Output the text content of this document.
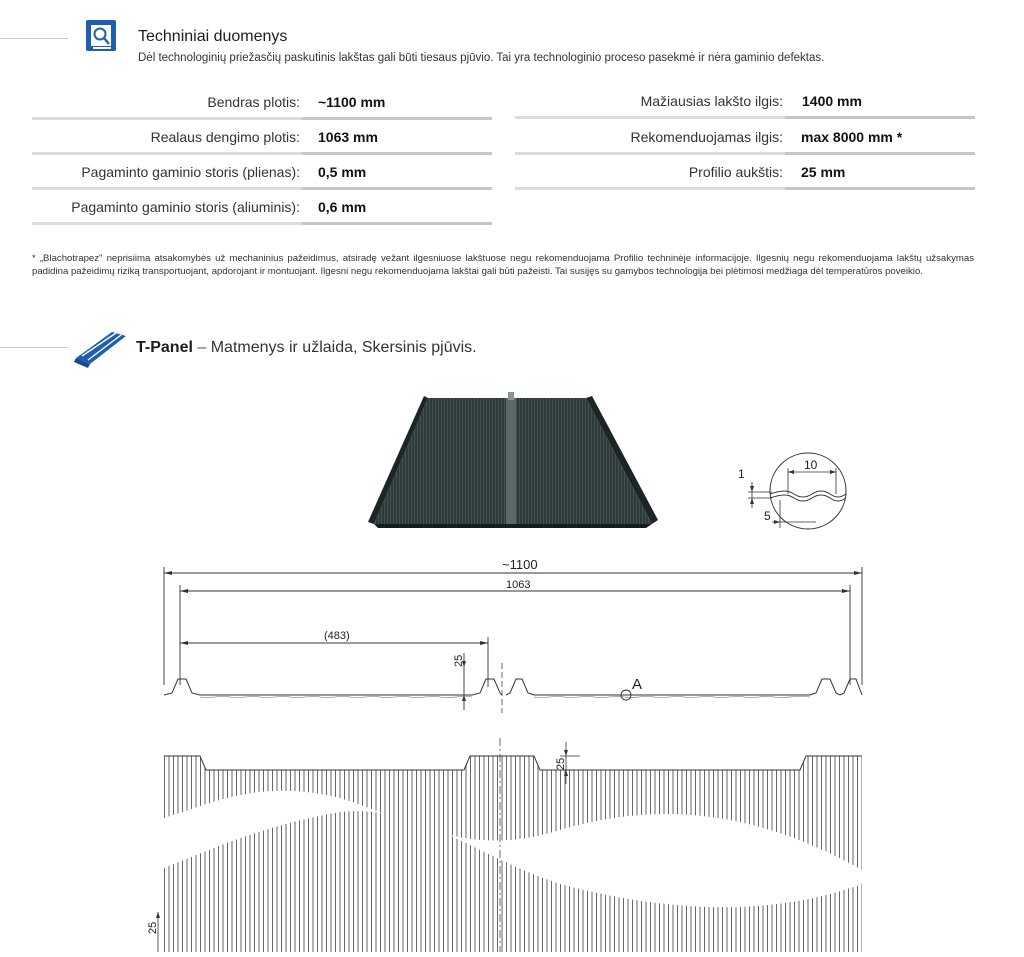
Techniniai duomenys
Dėl technologinių priežasčių paskutinis lakštas gali būti tiesaus pjūvio. Tai yra technologinio proceso pasekmė ir nėra gaminio defektas.
Bendras plotis: ~1100 mm
Realaus dengimo plotis: 1063 mm
Pagaminto gaminio storis (plienas): 0,5 mm
Pagaminto gaminio storis (aliuminis): 0,6 mm
Mažiausias lakšto ilgis: 1400 mm
Rekomenduojamas ilgis: max 8000 mm *
Profilio aukštis: 25 mm
* „Blachotrapez" neprisiima atsakomybės už mechaninius pažeidimus, atsiradę vežant ilgesniuose lakštuose negu rekomenduojama Profilio techninėje informacijoje. Ilgesnių negu rekomenduojama lakštų užsakymas padidina pažeidimų riziką transportuojant, apdorojant ir montuojant. Ilgesni negu rekomenduojama lakštai gali būti pažeisti. Tai susijęs su gamybos technologija bei plėtimosi medžiaga dėl temperatūros poveikio.
T-Panel – Matmenys ir užlaida, Skersinis pjūvis.
10
1
5
~1100
1063
(483)
25
A
25
25
